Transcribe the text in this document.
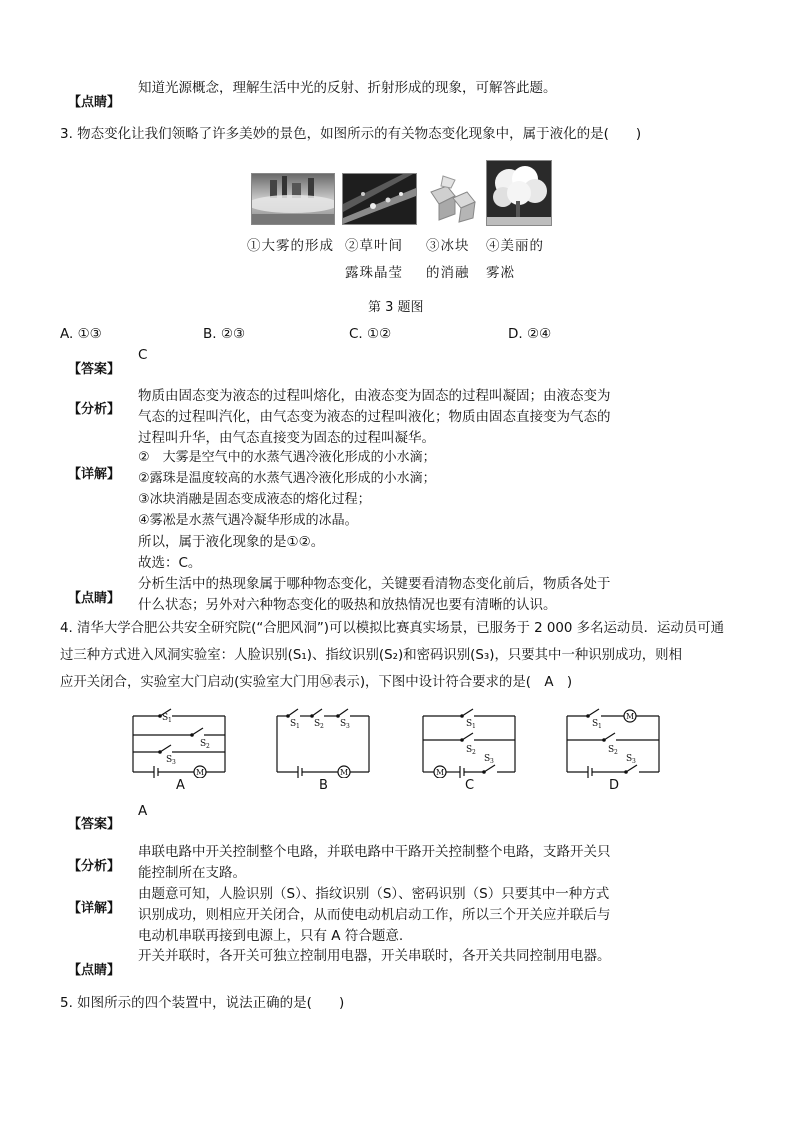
知道光源概念，理解生活中光的反射、折射形成的现象，可解答此题。
【点睛】
3. 物态变化让我们领略了许多美妙的景色，如图所示的有关物态变化现象中，属于液化的是(　　)
①大雾的形成 ②草叶间
露珠晶莹
③冰块
的消融
④美丽的
雾凇
第 3 题图
A. ①③	B. ②③	C. ①②	D. ②④
C
【答案】
【分析】
物质由固态变为液态的过程叫熔化，由液态变为固态的过程叫凝固；由液态变为
气态的过程叫汽化，由气态变为液态的过程叫液化；物质由固态直接变为气态的
过程叫升华，由气态直接变为固态的过程叫凝华。
【详解】
②　大雾是空气中的水蒸气遇冷液化形成的小水滴；
②露珠是温度较高的水蒸气遇冷液化形成的小水滴；
③冰块消融是固态变成液态的熔化过程；
④雾凇是水蒸气遇冷凝华形成的冰晶。
所以，属于液化现象的是①②。
故选：C。
【点睛】
分析生活中的热现象属于哪种物态变化，关键要看清物态变化前后，物质各处于
什么状态；另外对六种物态变化的吸热和放热情况也要有清晰的认识。
4. 清华大学合肥公共安全研究院(“合肥风洞”)可以模拟比赛真实场景，已服务于 2 000 多名运动员．运动员可通
过三种方式进入风洞实验室：人脸识别(S₁)、指纹识别(S₂)和密码识别(S₃)，只要其中一种识别成功，则相
应开关闭合，实验室大门启动(实验室大门用Ⓜ表示)，下图中设计符合要求的是(　A　)
S 1
S 2
S 3
M
S 1 S 2 S 3
M
S 1
S 2
S 3
M
S 1
S 2
S 3
M
A	B	C	D
A
【答案】
【分析】
串联电路中开关控制整个电路，并联电路中干路开关控制整个电路，支路开关只
能控制所在支路。
【详解】
由题意可知，人脸识别（S）、指纹识别（S）、密码识别（S）只要其中一种方式
识别成功，则相应开关闭合，从而使电动机启动工作，所以三个开关应并联后与
电动机串联再接到电源上，只有 A 符合题意.
开关并联时，各开关可独立控制用电器，开关串联时，各开关共同控制用电器。
【点睛】
5. 如图所示的四个装置中，说法正确的是(　　)
